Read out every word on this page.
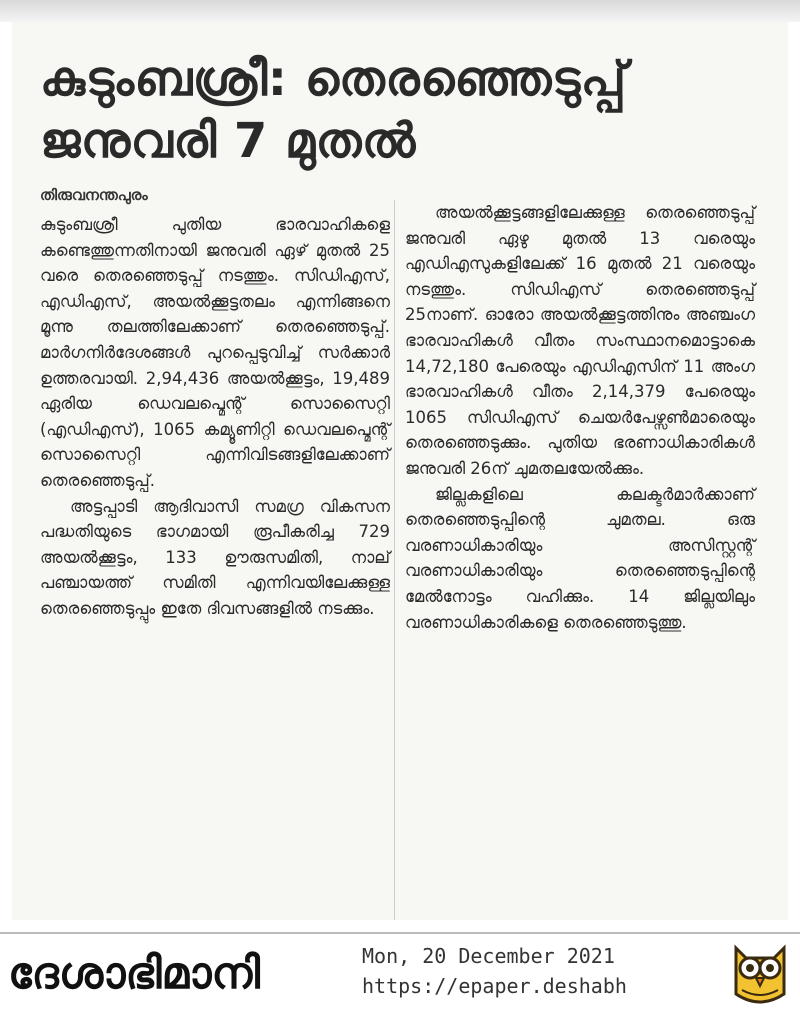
കുടുംബശ്രീ: തെരഞ്ഞെടുപ്പ്
ജനുവരി 7 മുതൽ
തിരുവനന്തപുരം

കുടുംബശ്രീ പുതിയ ഭാരവാഹികളെ കണ്ടെത്തുന്നതിനായി ജനുവരി ഏഴ് മുതൽ 25 വരെ തെരഞ്ഞെടുപ്പ് നടത്തും. സിഡിഎസ്, എഡിഎസ്, അയൽക്കൂട്ടതലം എന്നിങ്ങനെ മൂന്നു തലത്തിലേക്കാണ് തെരഞ്ഞെടുപ്പ്. മാർഗനിർദേശങ്ങൾ പുറപ്പെടുവിച്ച് സർക്കാർ ഉത്തരവായി. 2,94,436 അയൽക്കൂട്ടം, 19,489 ഏരിയ ഡെവലപ്മെന്റ് സൊസൈറ്റി (എഡിഎസ്), 1065 കമ്യൂണിറ്റി ഡെവലപ്മെന്റ് സൊസൈറ്റി എന്നിവിടങ്ങളിലേക്കാണ് തെരഞ്ഞെടുപ്പ്.

അട്ടപ്പാടി ആദിവാസി സമഗ്ര വികസന പദ്ധതിയുടെ ഭാഗമായി രൂപീകരിച്ച 729 അയൽക്കൂട്ടം, 133 ഊരുസമിതി, നാല് പഞ്ചായത്ത് സമിതി എന്നിവയിലേക്കുള്ള തെരഞ്ഞെടുപ്പും ഇതേ ദിവസങ്ങളിൽ നടക്കും.

അയൽക്കൂട്ടങ്ങളിലേക്കുള്ള തെരഞ്ഞെടുപ്പ് ജനുവരി ഏഴു മുതൽ 13 വരെയും എഡിഎസുകളിലേക്ക് 16 മുതൽ 21 വരെയും നടത്തും. സിഡിഎസ് തെരഞ്ഞെടുപ്പ് 25നാണ്. ഓരോ അയൽക്കൂട്ടത്തിനും അഞ്ചംഗ ഭാരവാഹികൾ വീതം സംസ്ഥാനമൊട്ടാകെ 14,72,180 പേരെയും എഡിഎസിന് 11 അംഗ ഭാരവാഹികൾ വീതം 2,14,379 പേരെയും 1065 സിഡിഎസ് ചെയർപേഴ്സൺമാരെയും തെരഞ്ഞെടുക്കും. പുതിയ ഭരണാധികാരികൾ ജനുവരി 26ന് ചുമതലയേൽക്കും.

ജില്ലകളിലെ കലക്ടർമാർക്കാണ് തെരഞ്ഞെടുപ്പിന്റെ ചുമതല. ഒരു വരണാധികാരിയും അസിസ്റ്റന്റ് വരണാധികാരിയും തെരഞ്ഞെടുപ്പിന്റെ മേൽനോട്ടം വഹിക്കും. 14 ജില്ലയിലും വരണാധികാരികളെ തെരഞ്ഞെടുത്തു.

ദേശാഭിമാനി	Mon, 20 December 2021
https://epaper.deshabh
